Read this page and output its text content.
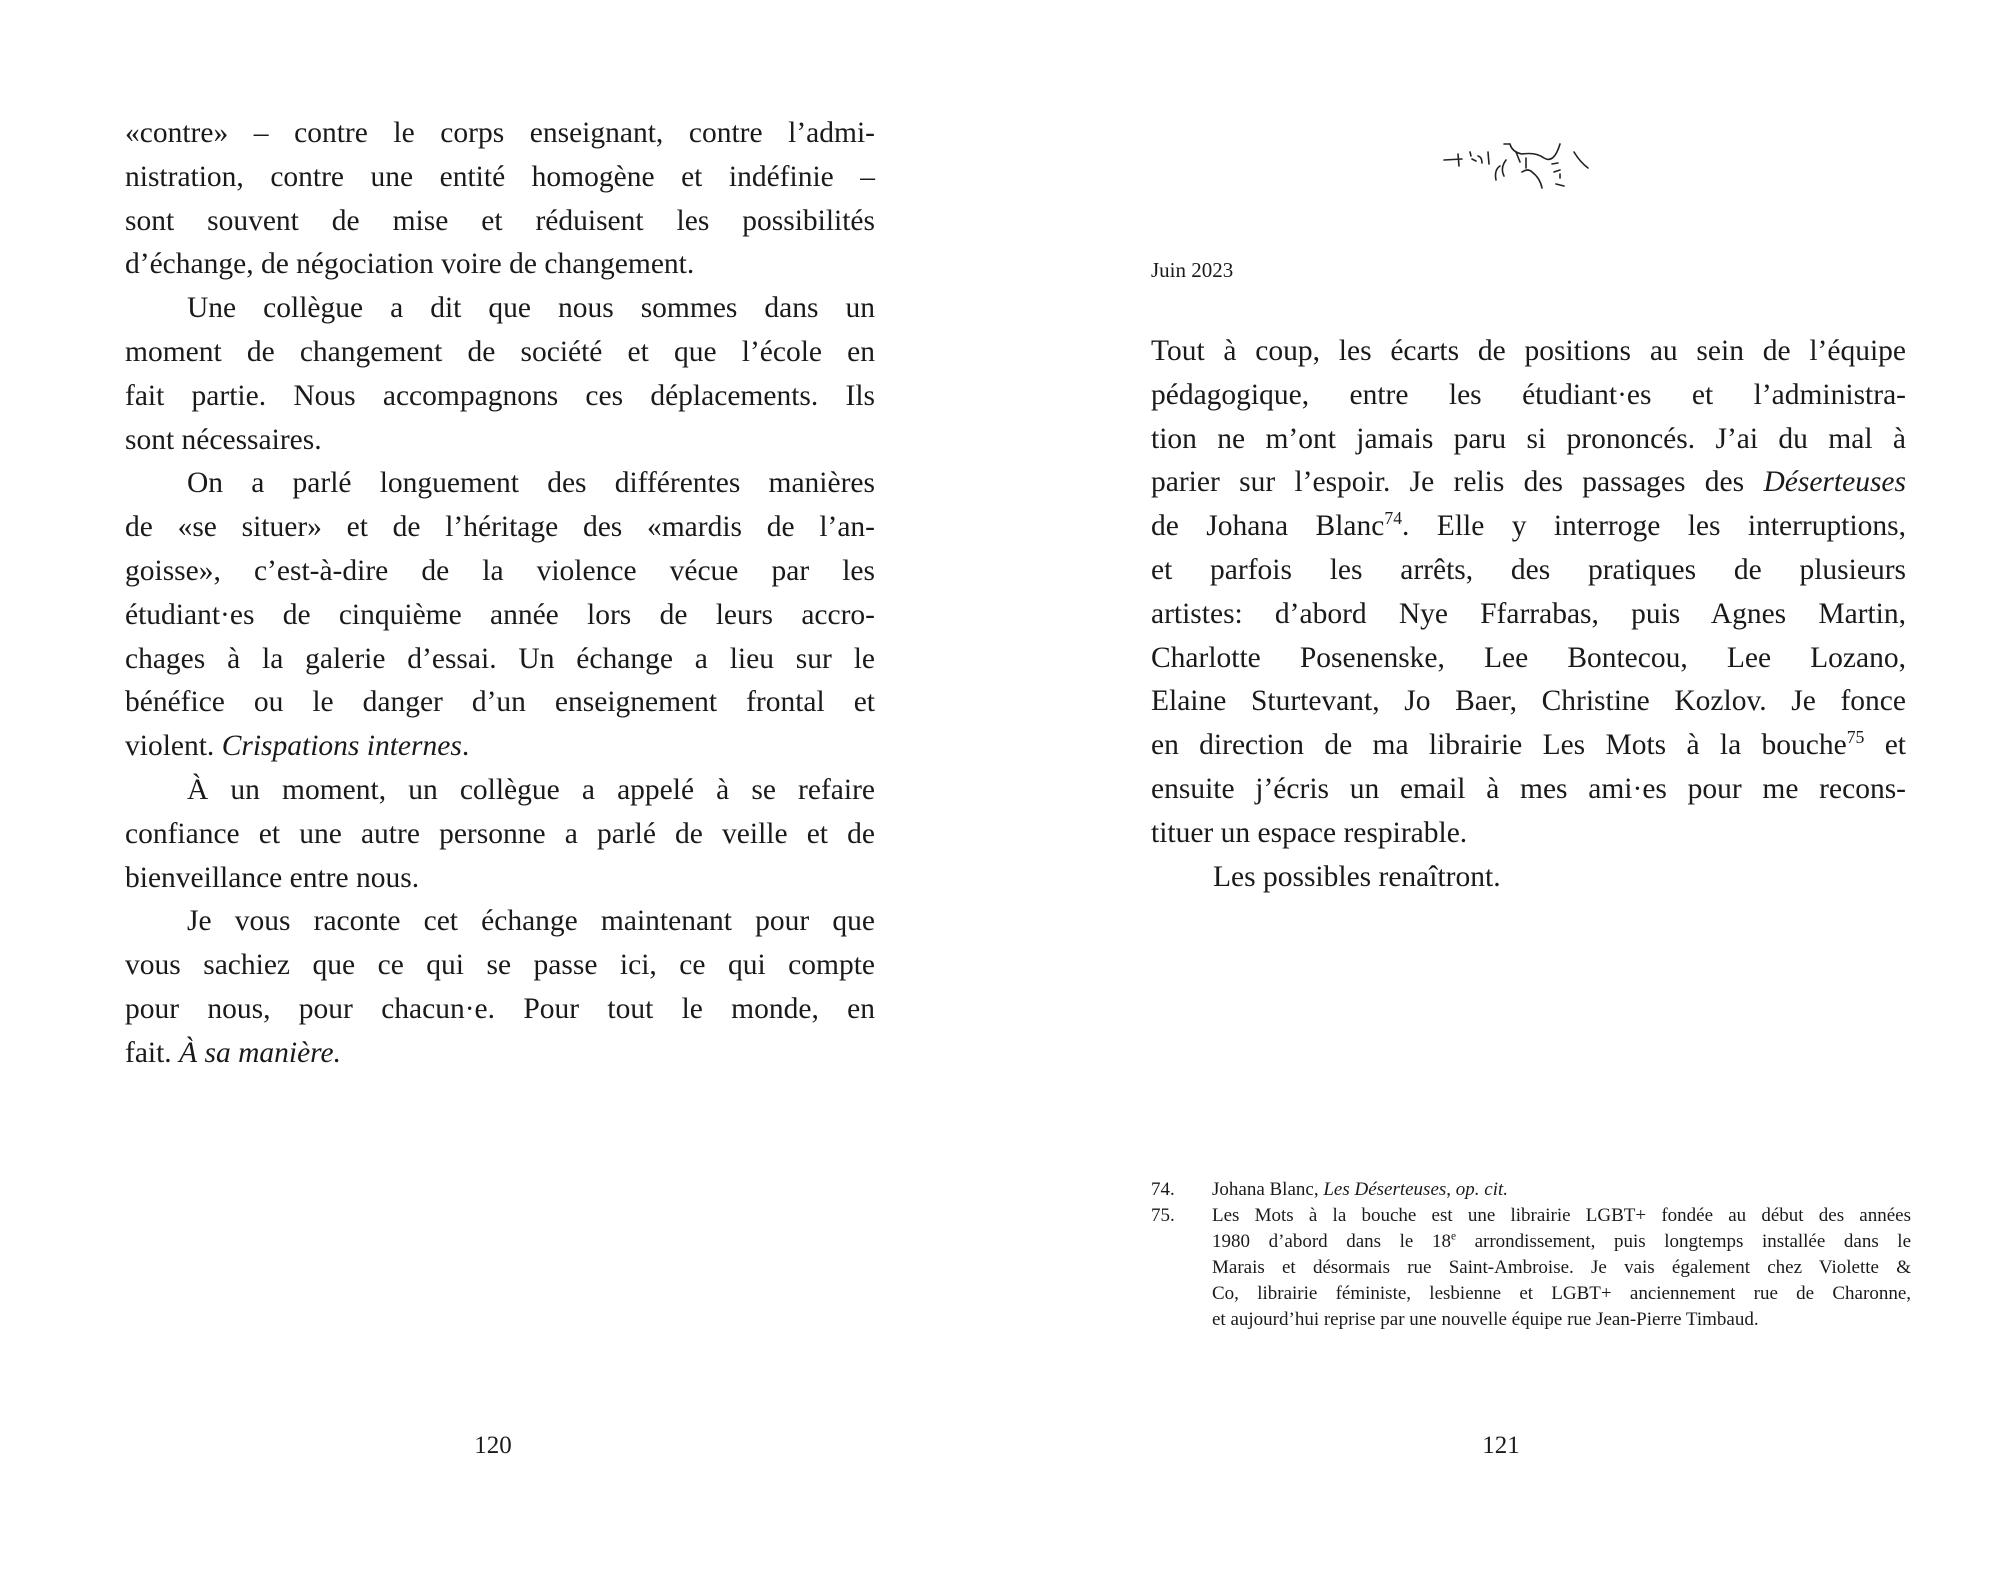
«contre» – contre le corps enseignant, contre l’admi-
nistration, contre une entité homogène et indéfinie –
sont souvent de mise et réduisent les possibilités
d’échange, de négociation voire de changement.
Une collègue a dit que nous sommes dans un
moment de changement de société et que l’école en
fait partie. Nous accompagnons ces déplacements. Ils
sont nécessaires.
On a parlé longuement des différentes manières
de «se situer» et de l’héritage des «mardis de l’an-
goisse», c’est-à-dire de la violence vécue par les
étudiant·es de cinquième année lors de leurs accro-
chages à la galerie d’essai. Un échange a lieu sur le
bénéfice ou le danger d’un enseignement frontal et
violent. Crispations internes.
À un moment, un collègue a appelé à se refaire
confiance et une autre personne a parlé de veille et de
bienveillance entre nous.
Je vous raconte cet échange maintenant pour que
vous sachiez que ce qui se passe ici, ce qui compte
pour nous, pour chacun·e. Pour tout le monde, en
fait. À sa manière.
120
Juin 2023
Tout à coup, les écarts de positions au sein de l’équipe
pédagogique, entre les étudiant·es et l’administra-
tion ne m’ont jamais paru si prononcés. J’ai du mal à
parier sur l’espoir. Je relis des passages des Déserteuses
de Johana Blanc$^{74}$. Elle y interroge les interruptions,
et parfois les arrêts, des pratiques de plusieurs
artistes: d’abord Nye Ffarrabas, puis Agnes Martin,
Charlotte Posenenske, Lee Bontecou, Lee Lozano,
Elaine Sturtevant, Jo Baer, Christine Kozlov. Je fonce
en direction de ma librairie Les Mots à la bouche$^{75}$ et
ensuite j’écris un email à mes ami·es pour me recons-
tituer un espace respirable.
Les possibles renaîtront.
74.	Johana Blanc, Les Déserteuses, op. cit.
75.	Les Mots à la bouche est une librairie LGBT+ fondée au début des années
1980 d’abord dans le 18e arrondissement, puis longtemps installée dans le
Marais et désormais rue Saint-Ambroise. Je vais également chez Violette &
Co, librairie féministe, lesbienne et LGBT+ anciennement rue de Charonne,
et aujourd’hui reprise par une nouvelle équipe rue Jean-Pierre Timbaud.
121
